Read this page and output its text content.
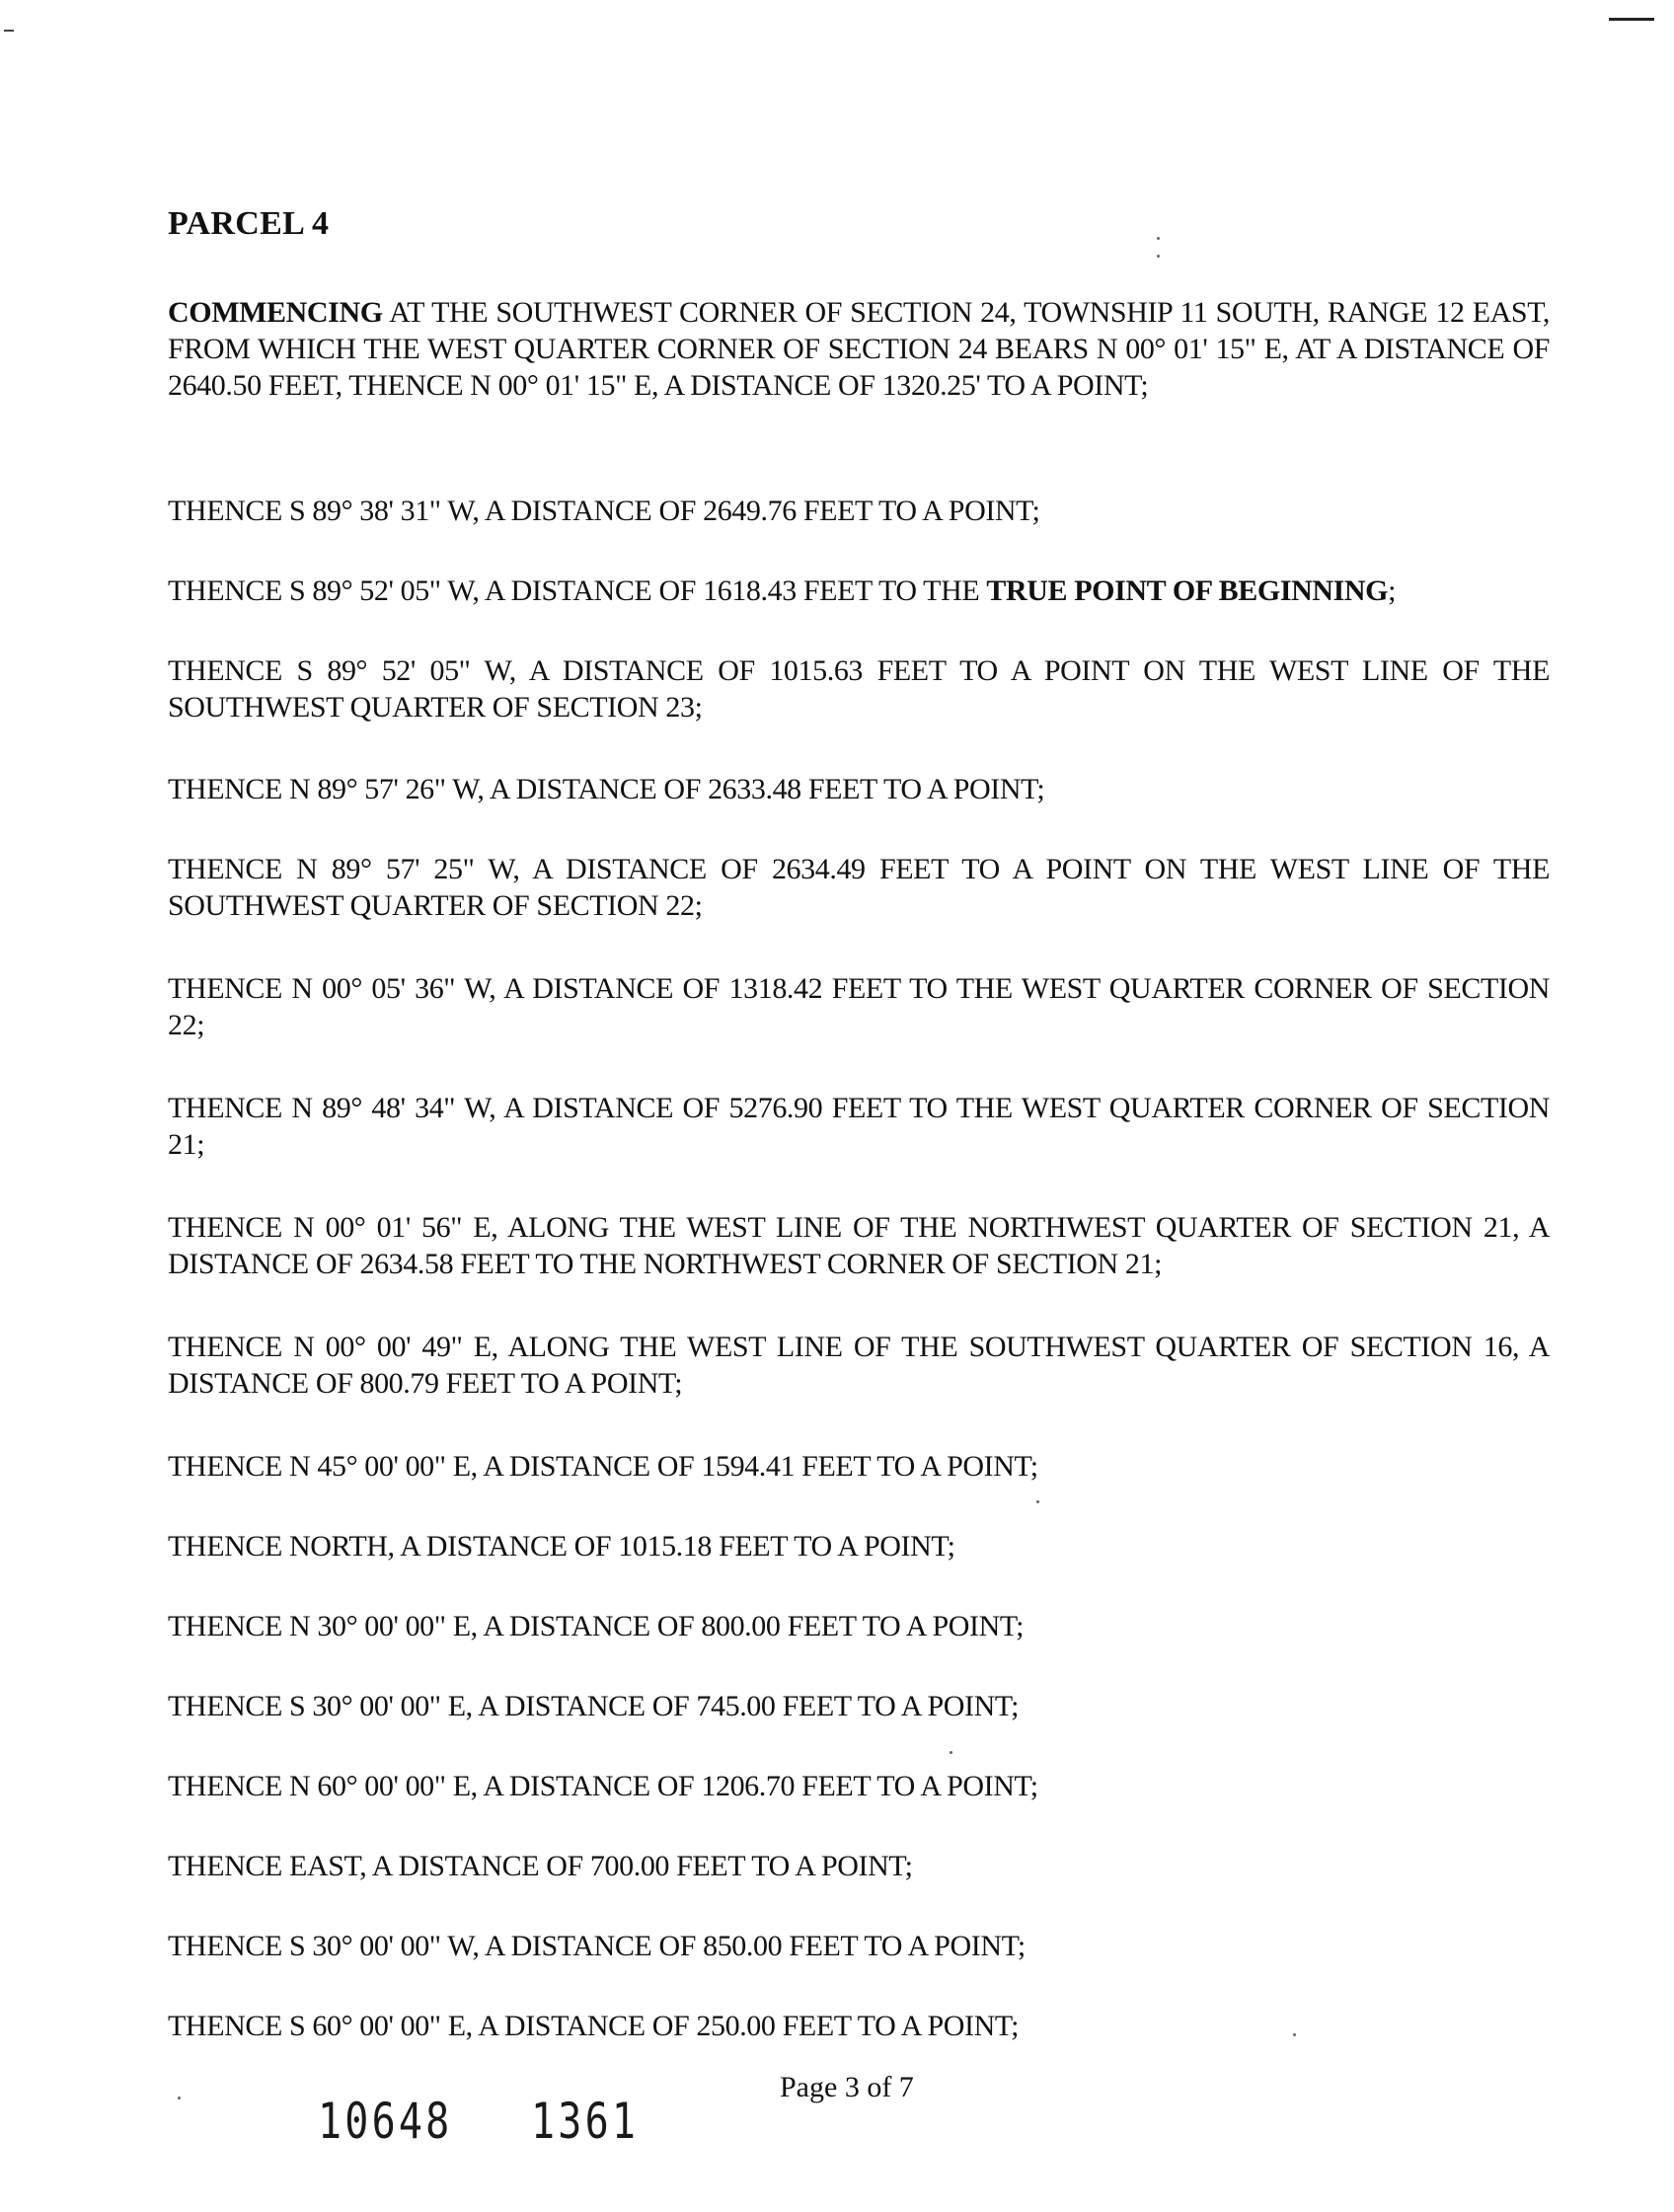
PARCEL 4

COMMENCING AT THE SOUTHWEST CORNER OF SECTION 24, TOWNSHIP 11 SOUTH, RANGE 12 EAST, FROM WHICH THE WEST QUARTER CORNER OF SECTION 24 BEARS N 00° 01' 15" E, AT A DISTANCE OF 2640.50 FEET, THENCE N 00° 01' 15" E, A DISTANCE OF 1320.25' TO A POINT;

THENCE S 89° 38' 31" W, A DISTANCE OF 2649.76 FEET TO A POINT;

THENCE S 89° 52' 05" W, A DISTANCE OF 1618.43 FEET TO THE TRUE POINT OF BEGINNING;

THENCE S 89° 52' 05" W, A DISTANCE OF 1015.63 FEET TO A POINT ON THE WEST LINE OF THE SOUTHWEST QUARTER OF SECTION 23;

THENCE N 89° 57' 26" W, A DISTANCE OF 2633.48 FEET TO A POINT;

THENCE N 89° 57' 25" W, A DISTANCE OF 2634.49 FEET TO A POINT ON THE WEST LINE OF THE SOUTHWEST QUARTER OF SECTION 22;

THENCE N 00° 05' 36" W, A DISTANCE OF 1318.42 FEET TO THE WEST QUARTER CORNER OF SECTION 22;

THENCE N 89° 48' 34" W, A DISTANCE OF 5276.90 FEET TO THE WEST QUARTER CORNER OF SECTION 21;

THENCE N 00° 01' 56" E, ALONG THE WEST LINE OF THE NORTHWEST QUARTER OF SECTION 21, A DISTANCE OF 2634.58 FEET TO THE NORTHWEST CORNER OF SECTION 21;

THENCE N 00° 00' 49" E, ALONG THE WEST LINE OF THE SOUTHWEST QUARTER OF SECTION 16, A DISTANCE OF 800.79 FEET TO A POINT;

THENCE N 45° 00' 00" E, A DISTANCE OF 1594.41 FEET TO A POINT;

THENCE NORTH, A DISTANCE OF 1015.18 FEET TO A POINT;

THENCE N 30° 00' 00" E, A DISTANCE OF 800.00 FEET TO A POINT;

THENCE S 30° 00' 00" E, A DISTANCE OF 745.00 FEET TO A POINT;

THENCE N 60° 00' 00" E, A DISTANCE OF 1206.70 FEET TO A POINT;

THENCE EAST, A DISTANCE OF 700.00 FEET TO A POINT;

THENCE S 30° 00' 00" W, A DISTANCE OF 850.00 FEET TO A POINT;

THENCE S 60° 00' 00" E, A DISTANCE OF 250.00 FEET TO A POINT;

Page 3 of 7
10648 1361
